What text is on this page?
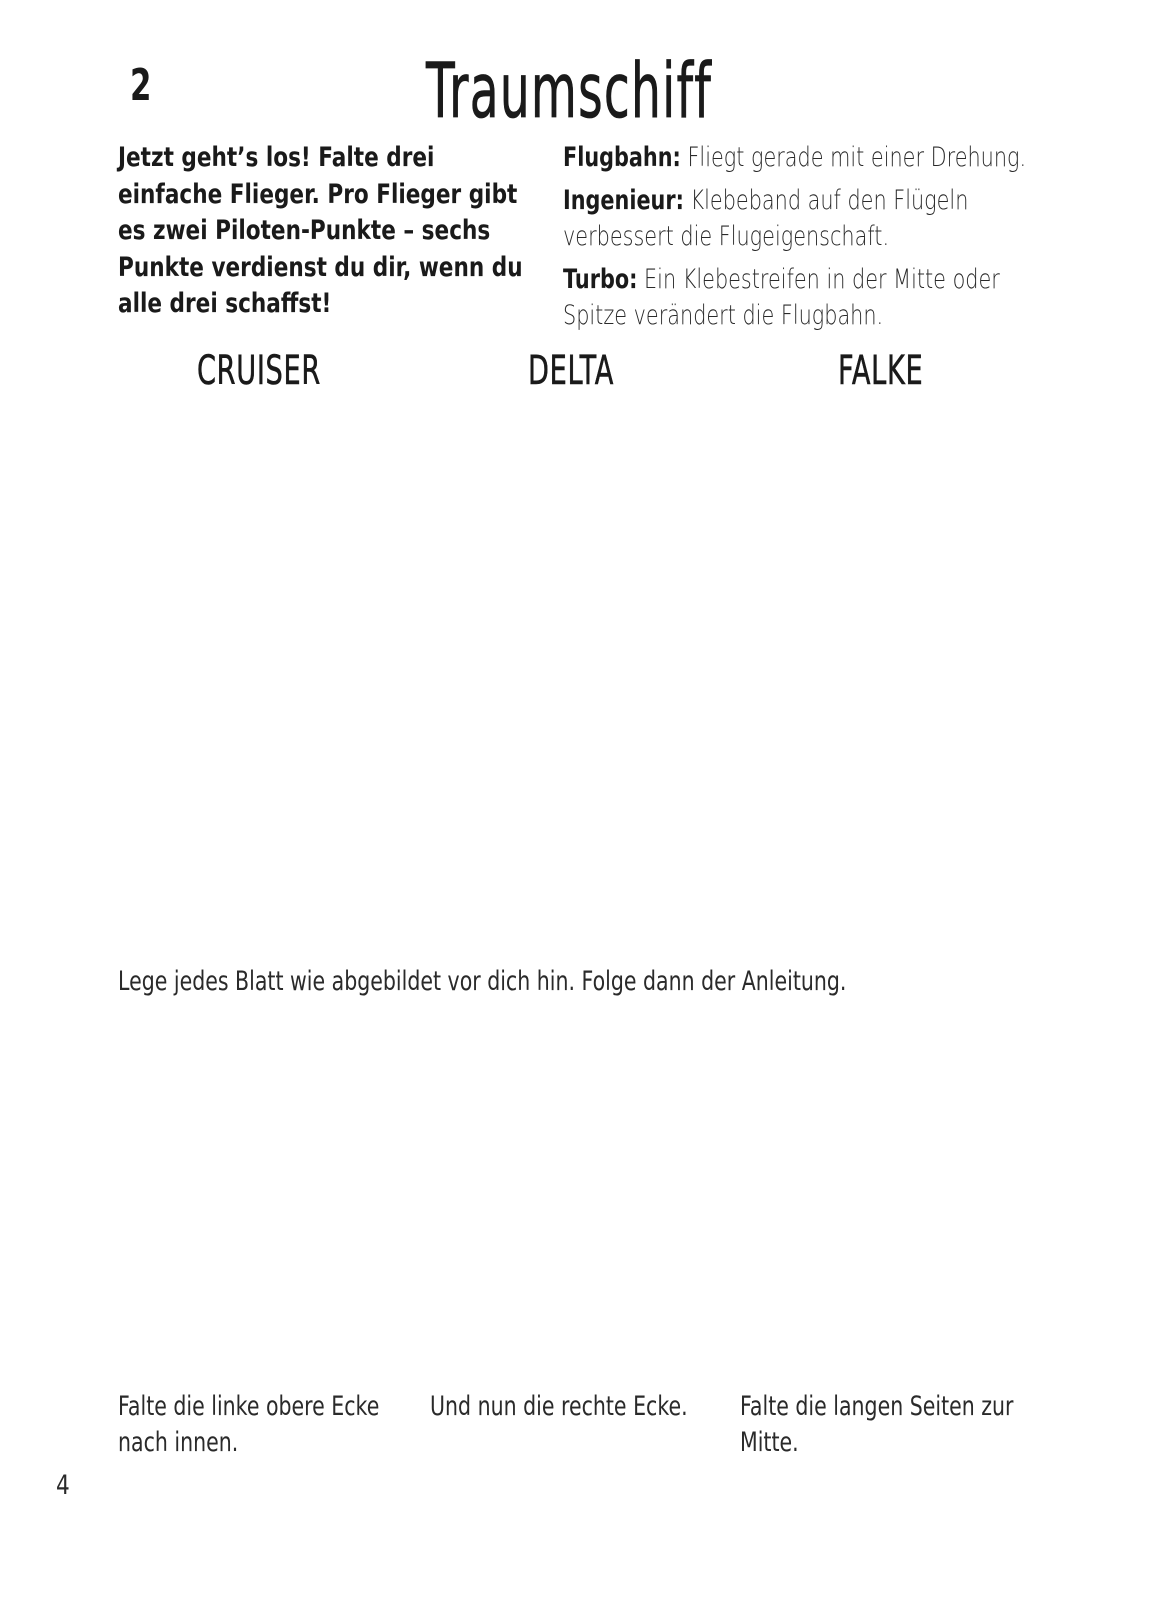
2	Traumschiff
Jetzt geht’s los! Falte drei einfache Flieger. Pro Flieger gibt es zwei Piloten-Punkte – sechs Punkte verdienst du dir, wenn du alle drei schaffst!
Flugbahn: Fliegt gerade mit einer Drehung.
Ingenieur: Klebeband auf den Flügeln verbessert die Flugeigenschaft.
Turbo: Ein Klebestreifen in der Mitte oder Spitze verändert die Flugbahn.
CRUISER	DELTA	FALKE
Lege jedes Blatt wie abgebildet vor dich hin. Folge dann der Anleitung.
Falte die linke obere Ecke nach innen.
Und nun die rechte Ecke.	Falte die langen Seiten zur Mitte.
4
